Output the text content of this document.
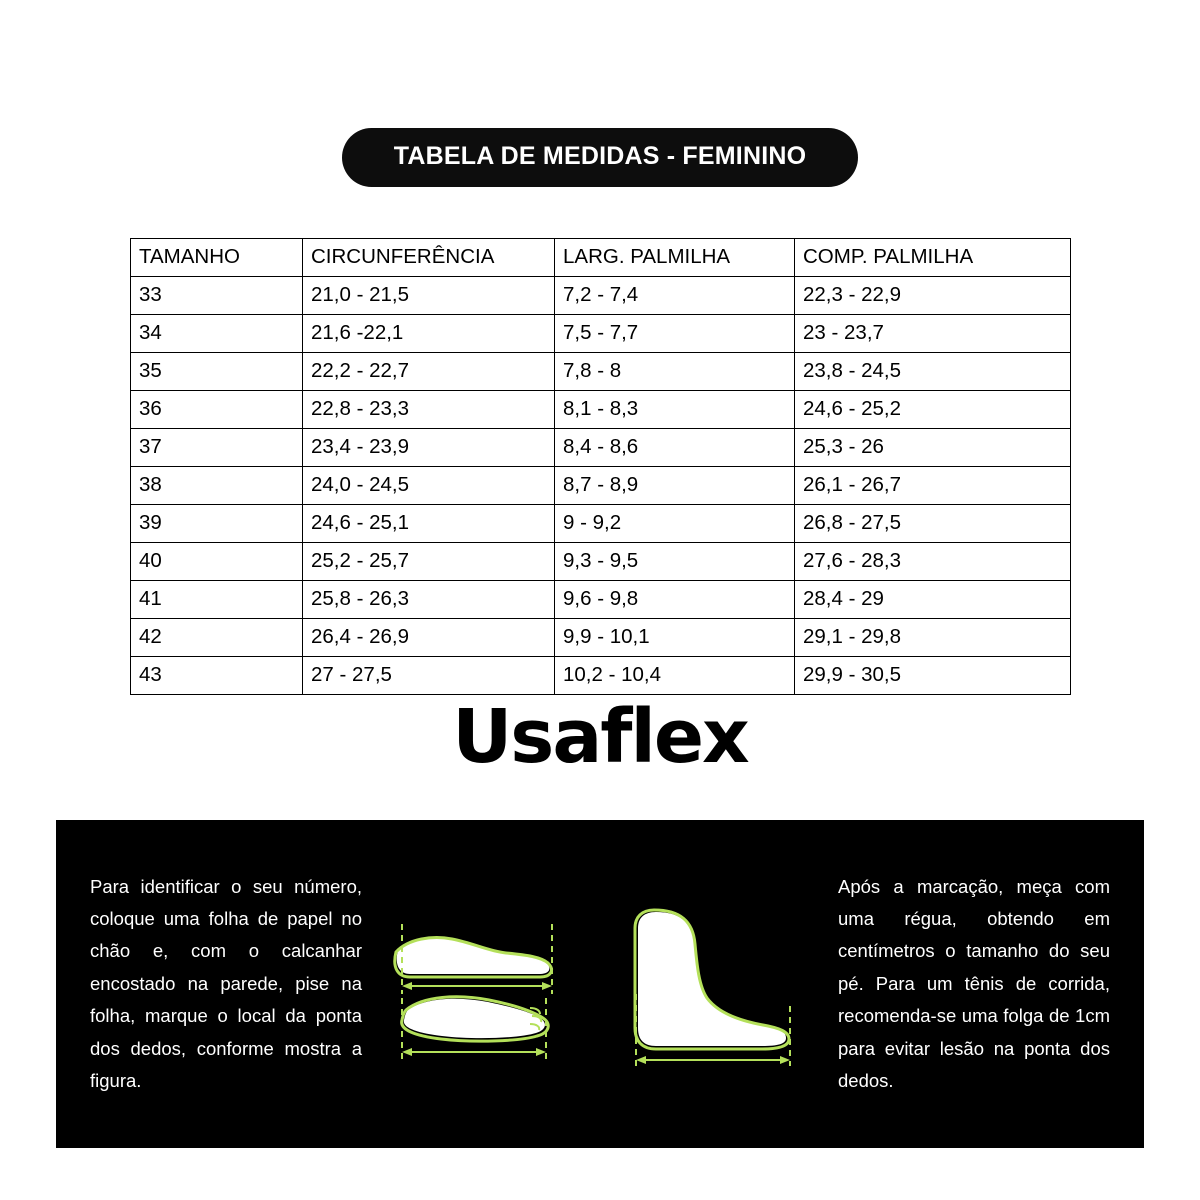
TABELA DE MEDIDAS - FEMININO
TAMANHO	CIRCUNFERÊNCIA	LARG. PALMILHA	COMP. PALMILHA
33	21,0 - 21,5	7,2 - 7,4	22,3 - 22,9
34	21,6 -22,1	7,5 - 7,7	23 - 23,7
35	22,2 - 22,7	7,8 - 8	23,8 - 24,5
36	22,8 - 23,3	8,1 - 8,3	24,6 - 25,2
37	23,4 - 23,9	8,4 - 8,6	25,3 - 26
38	24,0 - 24,5	8,7 - 8,9	26,1 - 26,7
39	24,6 - 25,1	9 - 9,2	26,8 - 27,5
40	25,2 - 25,7	9,3 - 9,5	27,6 - 28,3
41	25,8 - 26,3	9,6 - 9,8	28,4 - 29
42	26,4 - 26,9	9,9 - 10,1	29,1 - 29,8
43	27 - 27,5	10,2 - 10,4	29,9 - 30,5
Usaflex
Para identificar o seu número, coloque uma folha de papel no chão e, com o calcanhar encostado na parede, pise na folha, marque o local da ponta dos dedos, conforme mostra a figura.
Após a marcação, meça com uma régua, obtendo em centímetros o tamanho do seu pé. Para um tênis de corrida, recomenda-se uma folga de 1cm para evitar lesão na ponta dos dedos.
